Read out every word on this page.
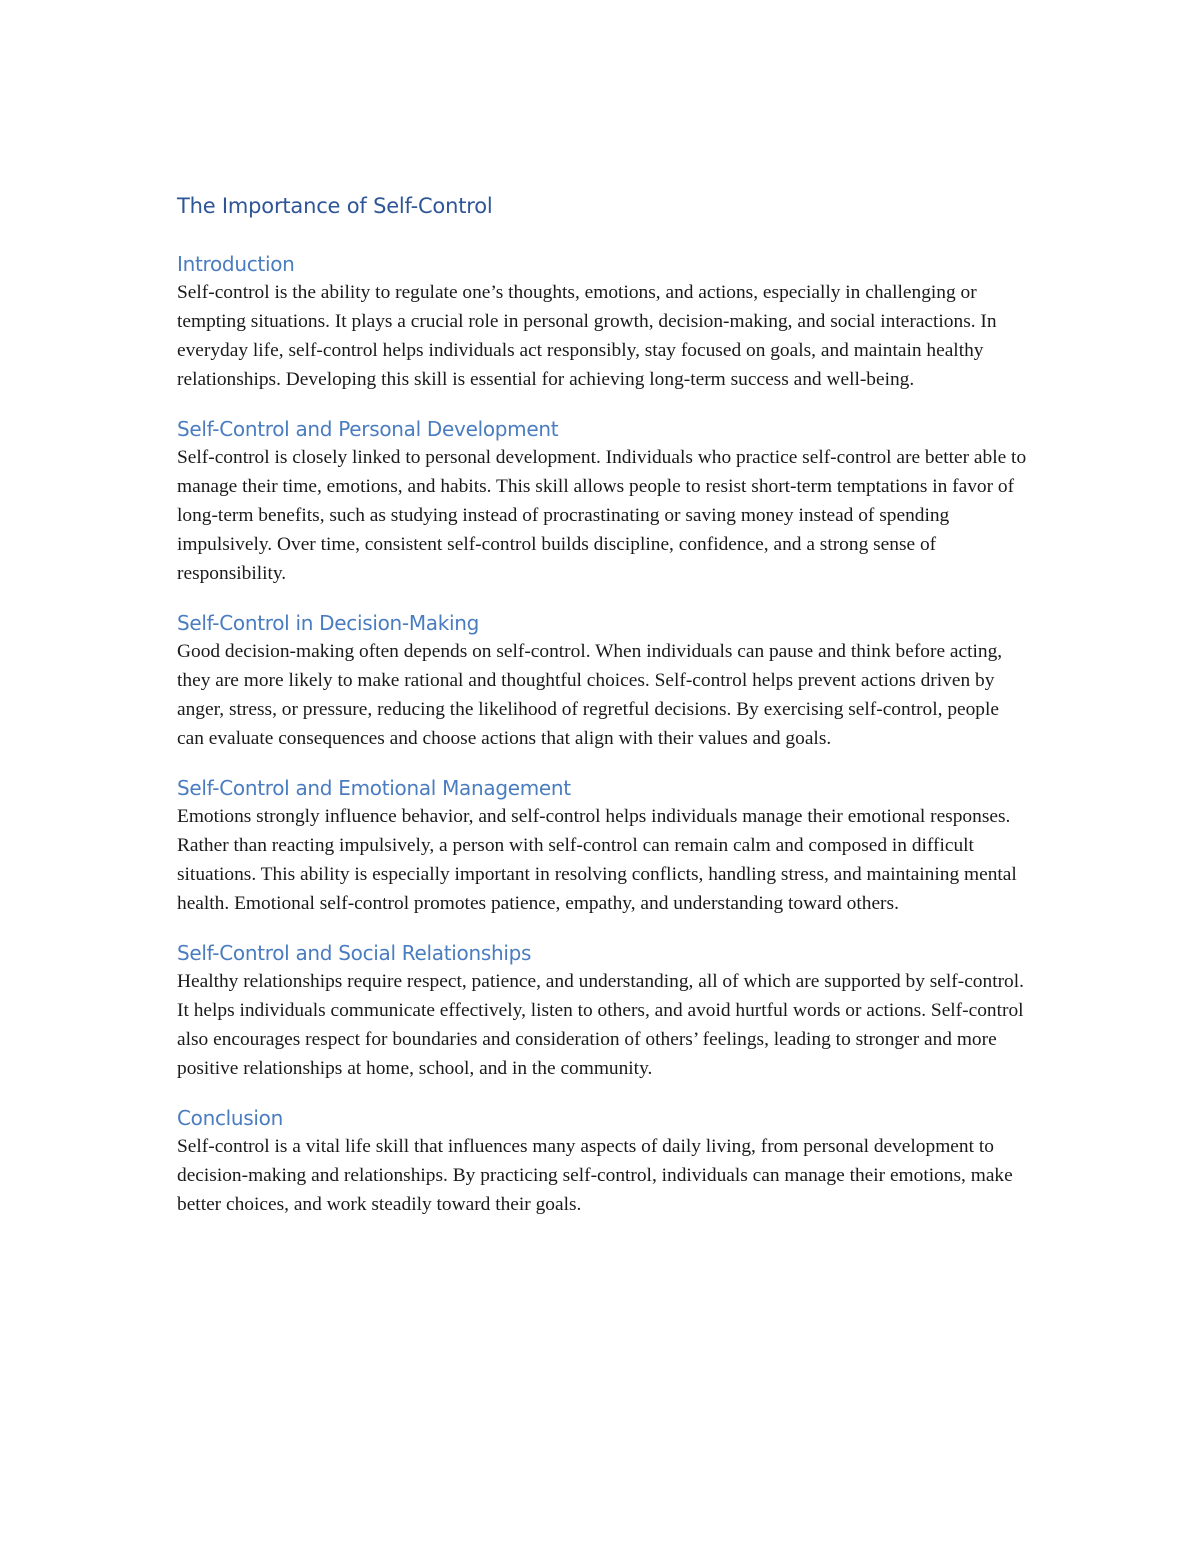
The Importance of Self-Control
Introduction

Self-control is the ability to regulate one’s thoughts, emotions, and actions, especially in challenging or tempting situations. It plays a crucial role in personal growth, decision-making, and social interactions. In everyday life, self-control helps individuals act responsibly, stay focused on goals, and maintain healthy relationships. Developing this skill is essential for achieving long-term success and well-being.

Self-Control and Personal Development

Self-control is closely linked to personal development. Individuals who practice self-control are better able to manage their time, emotions, and habits. This skill allows people to resist short-term temptations in favor of long-term benefits, such as studying instead of procrastinating or saving money instead of spending impulsively. Over time, consistent self-control builds discipline, confidence, and a strong sense of responsibility.

Self-Control in Decision-Making

Good decision-making often depends on self-control. When individuals can pause and think before acting, they are more likely to make rational and thoughtful choices. Self-control helps prevent actions driven by anger, stress, or pressure, reducing the likelihood of regretful decisions. By exercising self-control, people can evaluate consequences and choose actions that align with their values and goals.

Self-Control and Emotional Management

Emotions strongly influence behavior, and self-control helps individuals manage their emotional responses. Rather than reacting impulsively, a person with self-control can remain calm and composed in difficult situations. This ability is especially important in resolving conflicts, handling stress, and maintaining mental health. Emotional self-control promotes patience, empathy, and understanding toward others.

Self-Control and Social Relationships

Healthy relationships require respect, patience, and understanding, all of which are supported by self-control. It helps individuals communicate effectively, listen to others, and avoid hurtful words or actions. Self-control also encourages respect for boundaries and consideration of others’ feelings, leading to stronger and more positive relationships at home, school, and in the community.

Conclusion

Self-control is a vital life skill that influences many aspects of daily living, from personal development to decision-making and relationships. By practicing self-control, individuals can manage their emotions, make better choices, and work steadily toward their goals.
